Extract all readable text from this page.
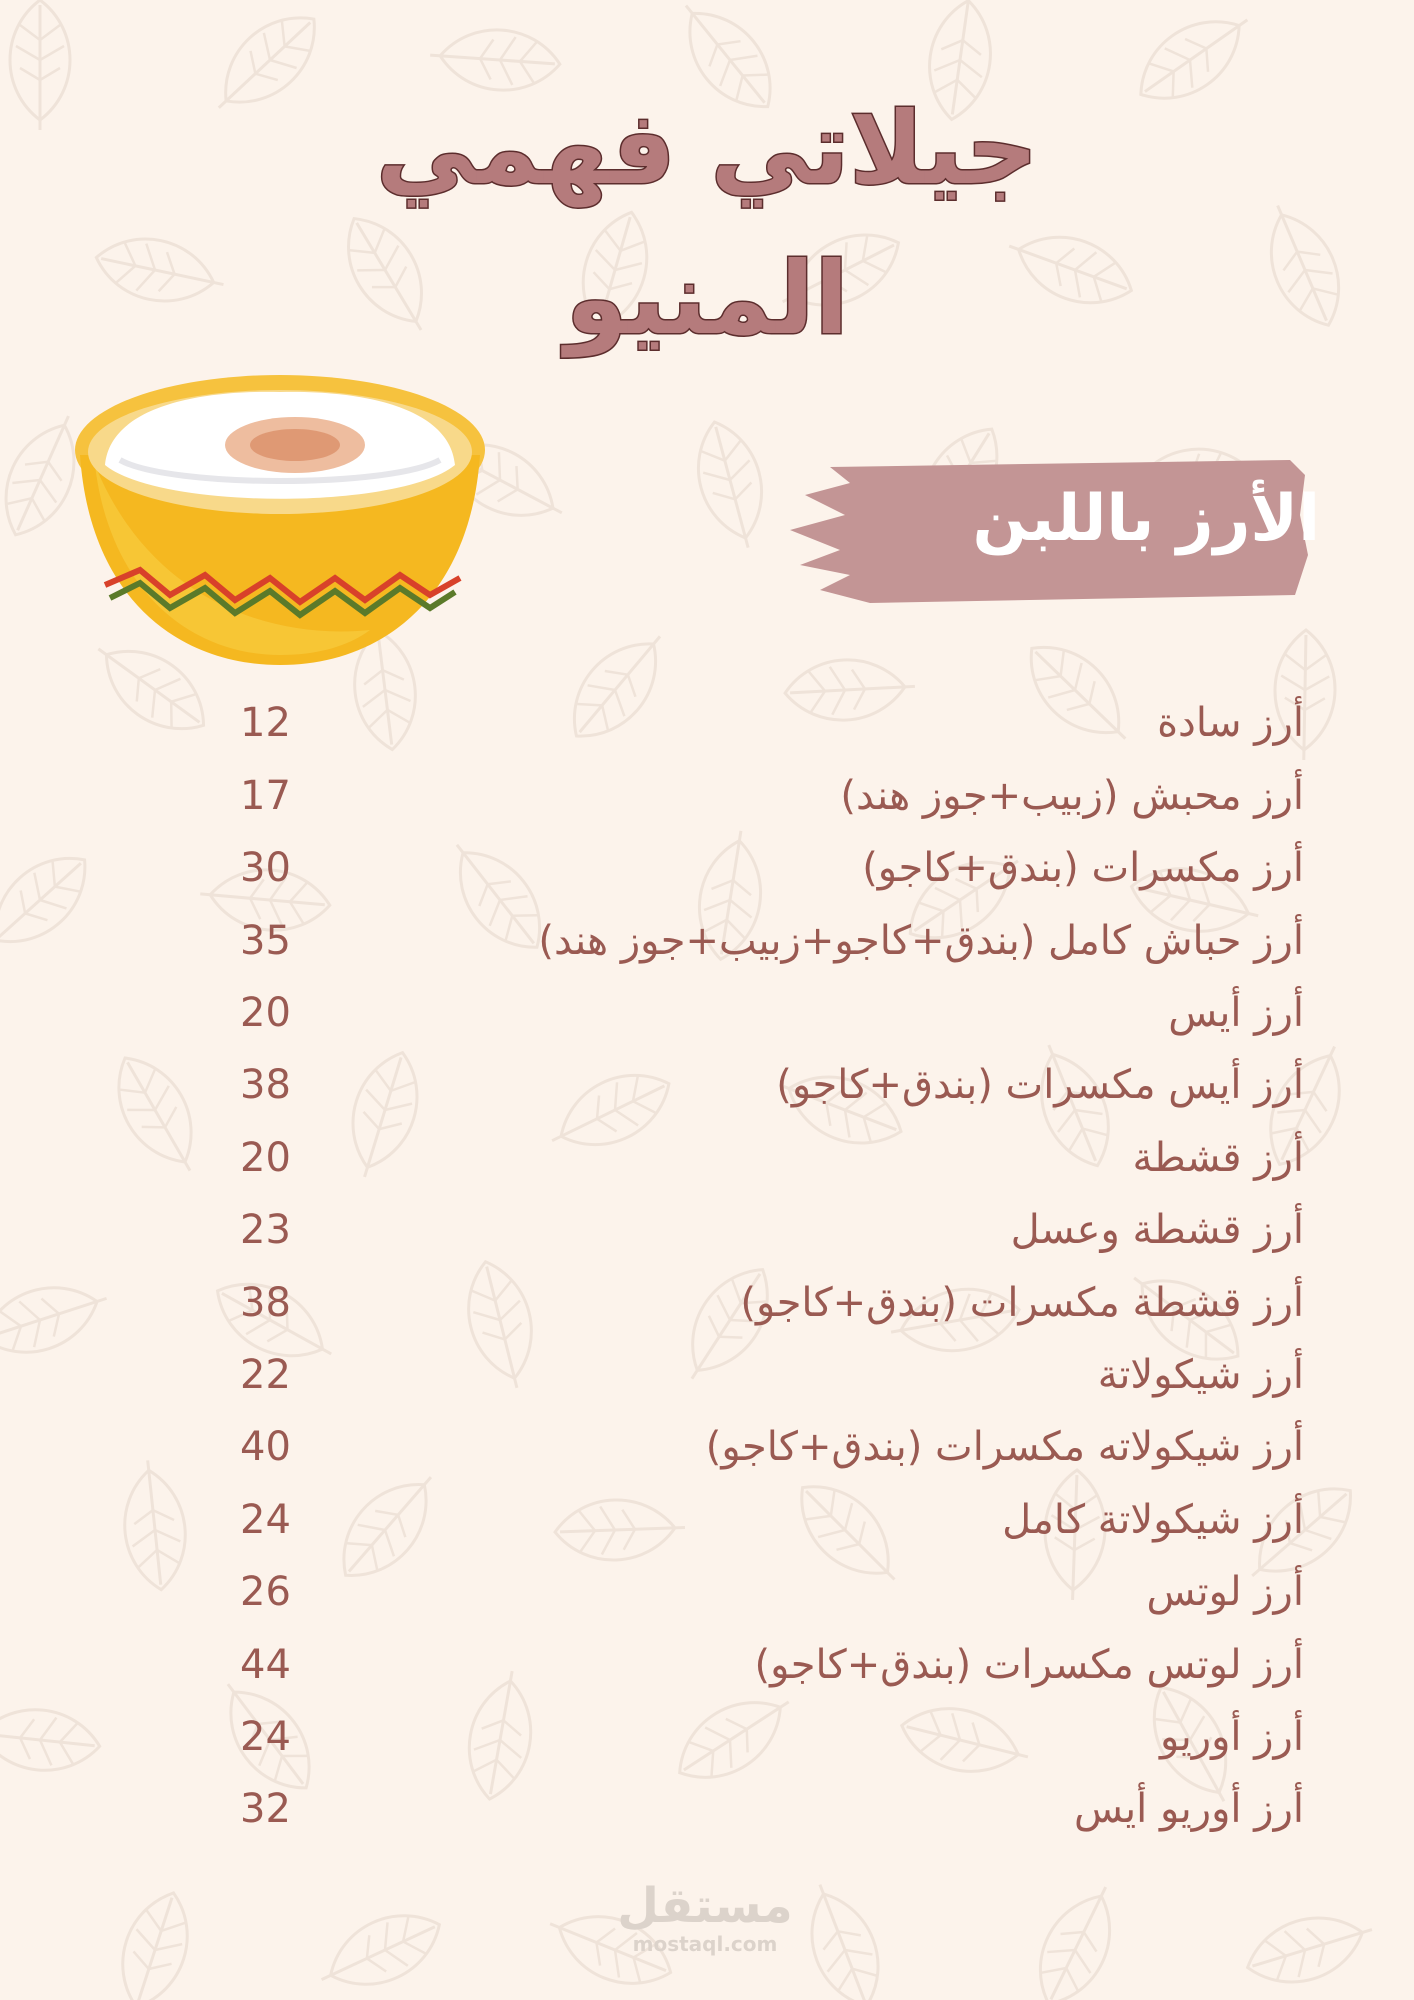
جيلاتي فهمي
المنيو
الأرز باللبن
أرز سادة
12
أرز محبش (زبيب+جوز هند)
17
أرز مكسرات (بندق+كاجو)
30
أرز حباش كامل (بندق+كاجو+زبيب+جوز هند)
35
أرز أيس
20
أرز أيس مكسرات (بندق+كاجو)
38
أرز قشطة
20
أرز قشطة وعسل
23
أرز قشطة مكسرات (بندق+كاجو)
38
أرز شيكولاتة
22
أرز شيكولاته مكسرات (بندق+كاجو)
40
أرز شيكولاتة كامل
24
أرز لوتس
26
أرز لوتس مكسرات (بندق+كاجو)
44
أرز أوريو
24
أرز أوريو أيس
32
مستقل
mostaql.com
